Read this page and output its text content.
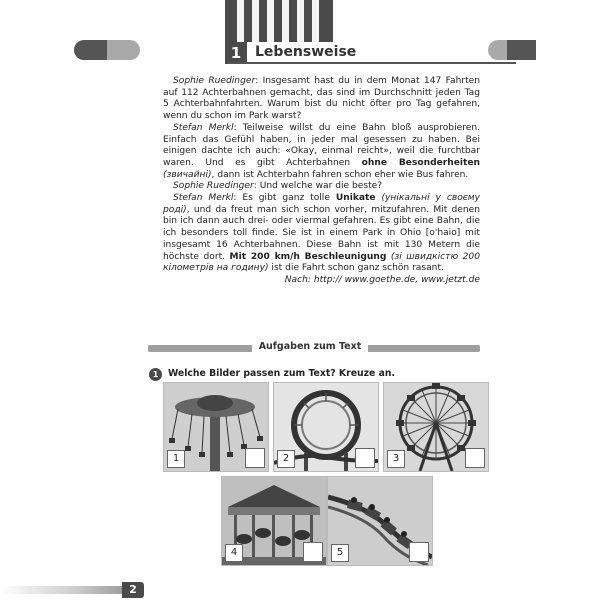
1 Lebensweise

Sophie Ruedinger: Insgesamt hast du in dem Monat 147 Fahrten auf 112 Achterbahnen gemacht, das sind im Durchschnitt jeden Tag 5 Achterbahnfahrten. Warum bist du nicht öfter pro Tag gefahren, wenn du schon im Park warst?

Stefan Merkl: Teilweise willst du eine Bahn bloß ausprobieren. Einfach das Gefühl haben, in jeder mal gesessen zu haben. Bei einigen dachte ich auch: «Okay, einmal reicht», weil die furchtbar waren. Und es gibt Achterbahnen ohne Besonderheiten (звичайні), dann ist Achterbahn fahren schon eher wie Bus fahren.

Sophie Ruedinger: Und welche war die beste?

Stefan Merkl: Es gibt ganz tolle Unikate (унікальні у своєму роді), und da freut man sich schon vorher, mitzufahren. Mit denen bin ich dann auch drei- oder viermal gefahren. Es gibt eine Bahn, die ich besonders toll finde. Sie ist in einem Park in Ohio [o'haio] mit insgesamt 16 Achterbahnen. Diese Bahn ist mit 130 Metern die höchste dort. Mit 200 km/h Beschleunigung (зі швидкістю 200 кілометрів на годину) ist die Fahrt schon ganz schön rasant.

Nach: http:// www.goethe.de, www.jetzt.de

Aufgaben zum Text
1	Welche Bilder passen zum Text? Kreuze an.
1	2	3
4	5
2
